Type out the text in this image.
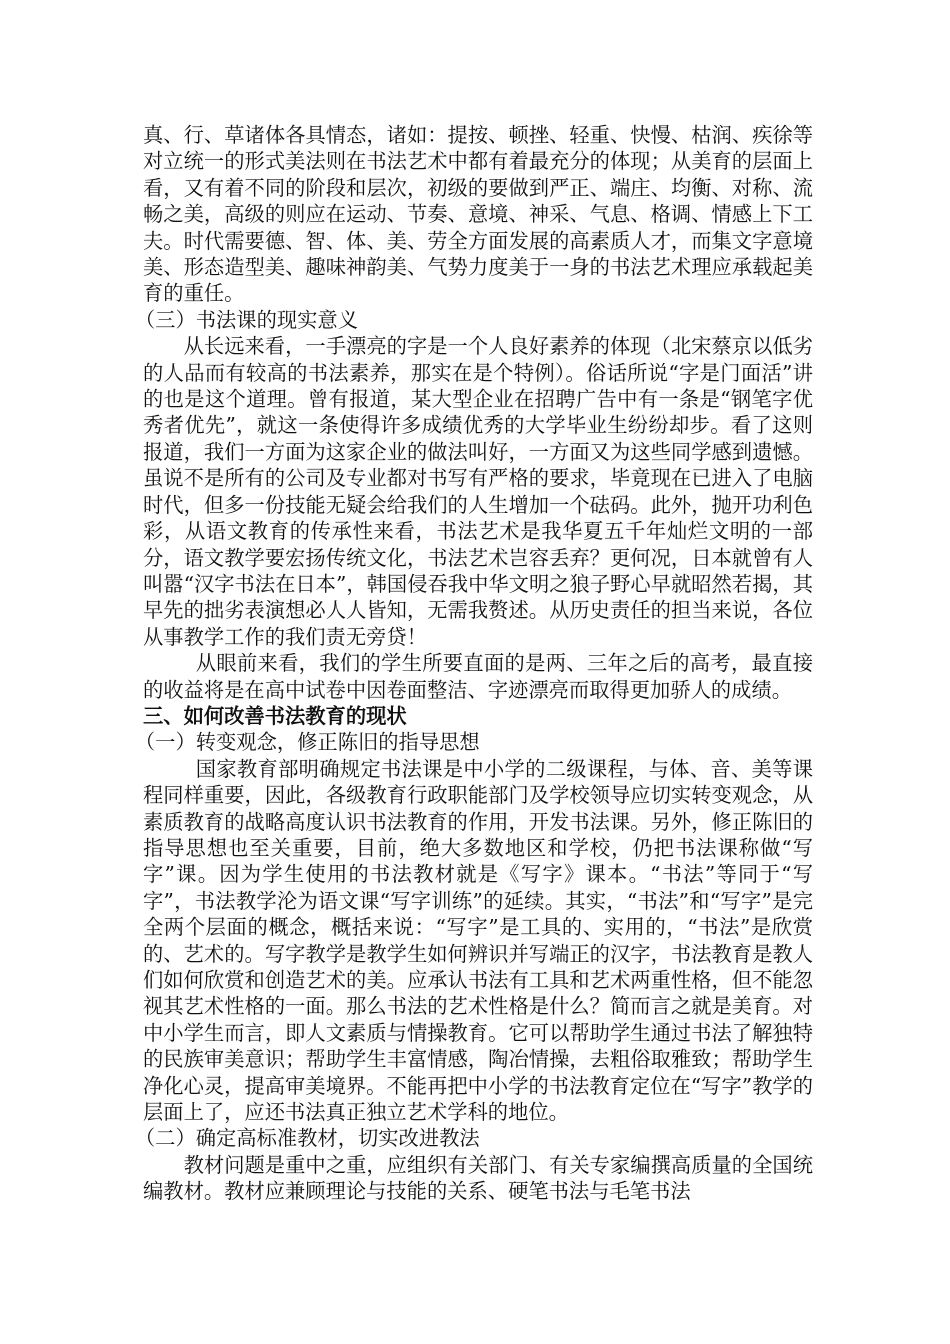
真、行、草诸体各具情态，诸如：提按、顿挫、轻重、快慢、枯润、疾徐等对立统一的形式美法则在书法艺术中都有着最充分的体现；从美育的层面上看，又有着不同的阶段和层次，初级的要做到严正、端庄、均衡、对称、流畅之美，高级的则应在运动、节奏、意境、神采、气息、格调、情感上下工夫。时代需要德、智、体、美、劳全方面发展的高素质人才，而集文字意境美、形态造型美、趣味神韵美、气势力度美于一身的书法艺术理应承载起美育的重任。

（三）书法课的现实意义

从长远来看，一手漂亮的字是一个人良好素养的体现（北宋蔡京以低劣的人品而有较高的书法素养，那实在是个特例）。俗话所说“字是门面活”讲的也是这个道理。曾有报道，某大型企业在招聘广告中有一条是“钢笔字优秀者优先”，就这一条使得许多成绩优秀的大学毕业生纷纷却步。看了这则报道，我们一方面为这家企业的做法叫好，一方面又为这些同学感到遗憾。虽说不是所有的公司及专业都对书写有严格的要求，毕竟现在已进入了电脑时代，但多一份技能无疑会给我们的人生增加一个砝码。此外，抛开功利色彩，从语文教育的传承性来看，书法艺术是我华夏五千年灿烂文明的一部分，语文教学要宏扬传统文化，书法艺术岂容丢弃？更何况，日本就曾有人叫嚣“汉字书法在日本”，韩国侵吞我中华文明之狼子野心早就昭然若揭，其早先的拙劣表演想必人人皆知，无需我赘述。从历史责任的担当来说，各位从事教学工作的我们责无旁贷！

从眼前来看，我们的学生所要直面的是两、三年之后的高考，最直接的收益将是在高中试卷中因卷面整洁、字迹漂亮而取得更加骄人的成绩。

三、如何改善书法教育的现状

（一）转变观念，修正陈旧的指导思想

国家教育部明确规定书法课是中小学的二级课程，与体、音、美等课程同样重要，因此，各级教育行政职能部门及学校领导应切实转变观念，从素质教育的战略高度认识书法教育的作用，开发书法课。另外，修正陈旧的指导思想也至关重要，目前，绝大多数地区和学校，仍把书法课称做“写字”课。因为学生使用的书法教材就是《写字》课本。“书法”等同于“写字”，书法教学沦为语文课“写字训练”的延续。其实，“书法”和“写字”是完全两个层面的概念，概括来说：“写字”是工具的、实用的，“书法”是欣赏的、艺术的。写字教学是教学生如何辨识并写端正的汉字，书法教育是教人们如何欣赏和创造艺术的美。应承认书法有工具和艺术两重性格，但不能忽视其艺术性格的一面。那么书法的艺术性格是什么？简而言之就是美育。对中小学生而言，即人文素质与情操教育。它可以帮助学生通过书法了解独特的民族审美意识；帮助学生丰富情感，陶冶情操，去粗俗取雅致；帮助学生净化心灵，提高审美境界。不能再把中小学的书法教育定位在“写字”教学的层面上了，应还书法真正独立艺术学科的地位。

（二）确定高标准教材，切实改进教法

教材问题是重中之重，应组织有关部门、有关专家编撰高质量的全国统编教材。教材应兼顾理论与技能的关系、硬笔书法与毛笔书法
